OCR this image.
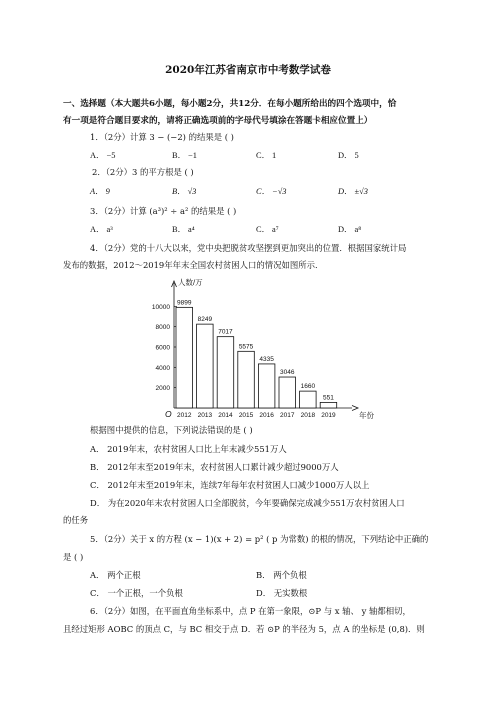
2020年江苏省南京市中考数学试卷
一、选择题（本大题共6小题，每小题2分，共12分．在每小题所给出的四个选项中，恰
有一项是符合题目要求的，请将正确选项前的字母代号填涂在答题卡相应位置上）
1．（2分）计算 3 − (−2) 的结果是 ( )
A． −5	B． −1	C． 1	D． 5
2．（2分）3 的平方根是 ( )
A． 9	B． √3	C． −√3	D． ±√3
3．（2分）计算 (a³)² ÷ a² 的结果是 ( )
A． a³	B． a⁴	C． a⁷	D． a⁸
4．（2分）党的十八大以来，党中央把脱贫攻坚摆到更加突出的位置．根据国家统计局
发布的数据，2012～2019年年末全国农村贫困人口的情况如图所示．
人数/万
年份
O
2000
4000
6000
8000
10000
9899
2012
8249
2013
7017
2014
5575
2015
4335
2016
3046
2017
1660
2018
551
2019
根据图中提供的信息，下列说法错误的是 ( )
A． 2019年末，农村贫困人口比上年末减少551万人
B． 2012年末至2019年末，农村贫困人口累计减少超过9000万人
C． 2012年末至2019年末，连续7年每年农村贫困人口减少1000万人以上
D． 为在2020年末农村贫困人口全部脱贫，今年要确保完成减少551万农村贫困人口
的任务
5．（2分）关于 x 的方程 (x − 1)(x + 2) = p² ( p 为常数) 的根的情况，下列结论中正确的
是 ( )
A． 两个正根	B． 两个负根
C． 一个正根，一个负根	D． 无实数根
6．（2分）如图，在平面直角坐标系中，点 P 在第一象限，⊙P 与 x 轴、 y 轴都相切，
且经过矩形 AOBC 的顶点 C，与 BC 相交于点 D．若 ⊙P 的半径为 5，点 A 的坐标是 (0,8)．则
